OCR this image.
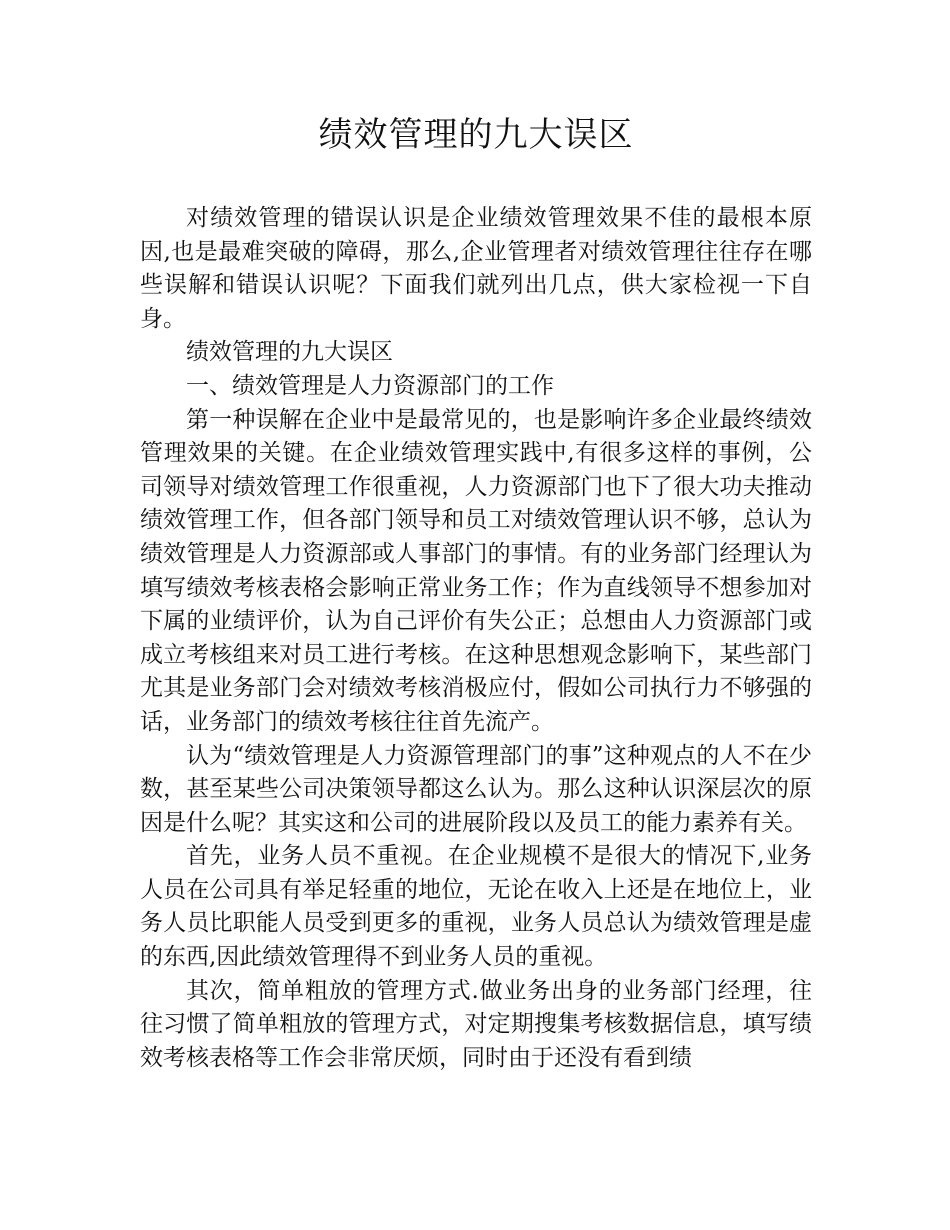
绩效管理的九大误区

对绩效管理的错误认识是企业绩效管理效果不佳的最根本原因,也是最难突破的障碍，那么,企业管理者对绩效管理往往存在哪些误解和错误认识呢？下面我们就列出几点，供大家检视一下自身。

绩效管理的九大误区

一、绩效管理是人力资源部门的工作

第一种误解在企业中是最常见的，也是影响许多企业最终绩效管理效果的关键。在企业绩效管理实践中,有很多这样的事例，公司领导对绩效管理工作很重视，人力资源部门也下了很大功夫推动绩效管理工作，但各部门领导和员工对绩效管理认识不够，总认为绩效管理是人力资源部或人事部门的事情。有的业务部门经理认为填写绩效考核表格会影响正常业务工作；作为直线领导不想参加对下属的业绩评价，认为自己评价有失公正；总想由人力资源部门或成立考核组来对员工进行考核。在这种思想观念影响下，某些部门尤其是业务部门会对绩效考核消极应付，假如公司执行力不够强的话，业务部门的绩效考核往往首先流产。

认为“绩效管理是人力资源管理部门的事”这种观点的人不在少数，甚至某些公司决策领导都这么认为。那么这种认识深层次的原因是什么呢？其实这和公司的进展阶段以及员工的能力素养有关。

首先，业务人员不重视。在企业规模不是很大的情况下,业务人员在公司具有举足轻重的地位，无论在收入上还是在地位上，业务人员比职能人员受到更多的重视，业务人员总认为绩效管理是虚的东西,因此绩效管理得不到业务人员的重视。

其次，简单粗放的管理方式.做业务出身的业务部门经理，往往习惯了简单粗放的管理方式，对定期搜集考核数据信息，填写绩效考核表格等工作会非常厌烦，同时由于还没有看到绩
